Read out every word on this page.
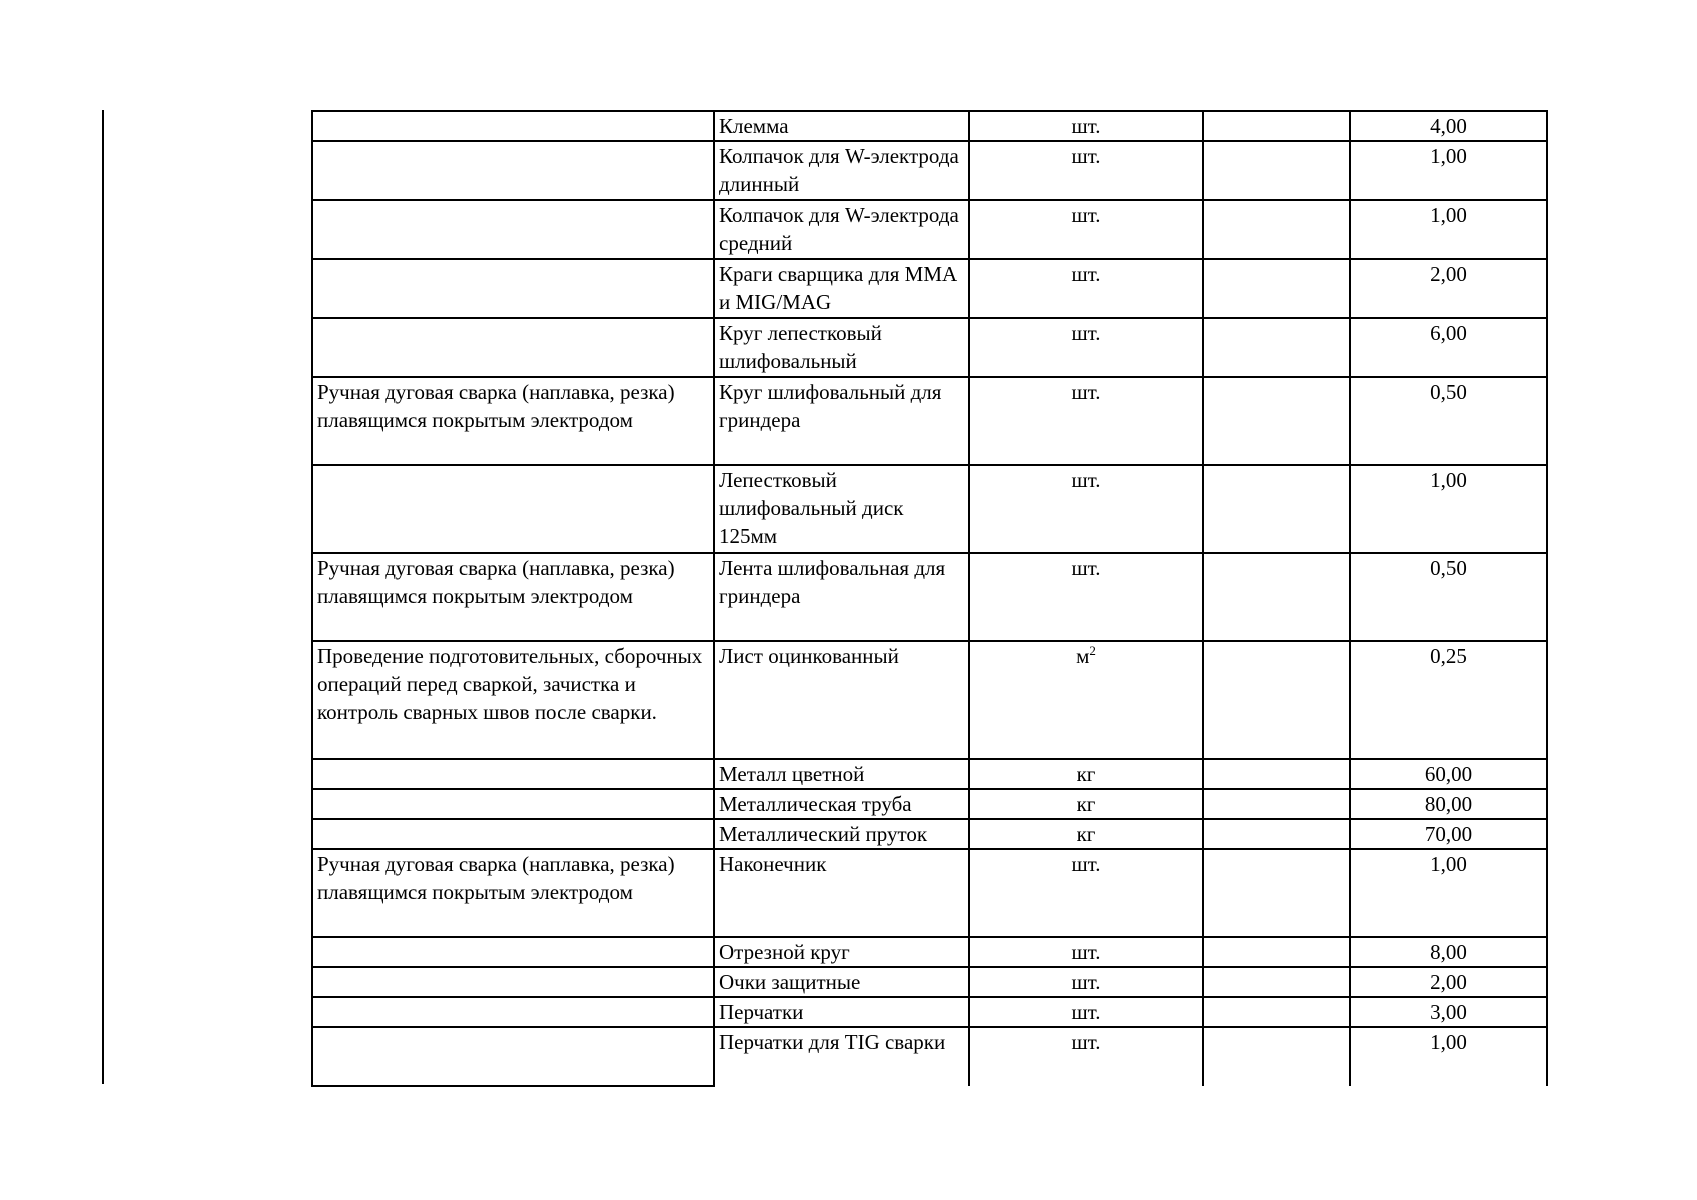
	Клемма	шт.		4,00
	Колпачок для W-электрода длинный	шт.		1,00
	Колпачок для W-электрода средний	шт.		1,00
	Краги сварщика для MMA и MIG/MAG	шт.		2,00
	Круг лепестковый шлифовальный	шт.		6,00
Ручная дуговая сварка (наплавка, резка) плавящимся покрытым электродом	Круг шлифовальный для гриндера	шт.		0,50
	Лепестковый шлифовальный диск 125мм	шт.		1,00
Ручная дуговая сварка (наплавка, резка) плавящимся покрытым электродом	Лента шлифовальная для гриндера	шт.		0,50
Проведение подготовительных, сборочных операций перед сваркой, зачистка и контроль сварных швов после сварки.	Лист оцинкованный	$м^2$		0,25
	Металл цветной	кг		60,00
	Металлическая труба	кг		80,00
	Металлический пруток	кг		70,00
Ручная дуговая сварка (наплавка, резка) плавящимся покрытым электродом	Наконечник	шт.		1,00
	Отрезной круг	шт.		8,00
	Очки защитные	шт.		2,00
	Перчатки	шт.		3,00
	Перчатки для TIG сварки	шт.		1,00
